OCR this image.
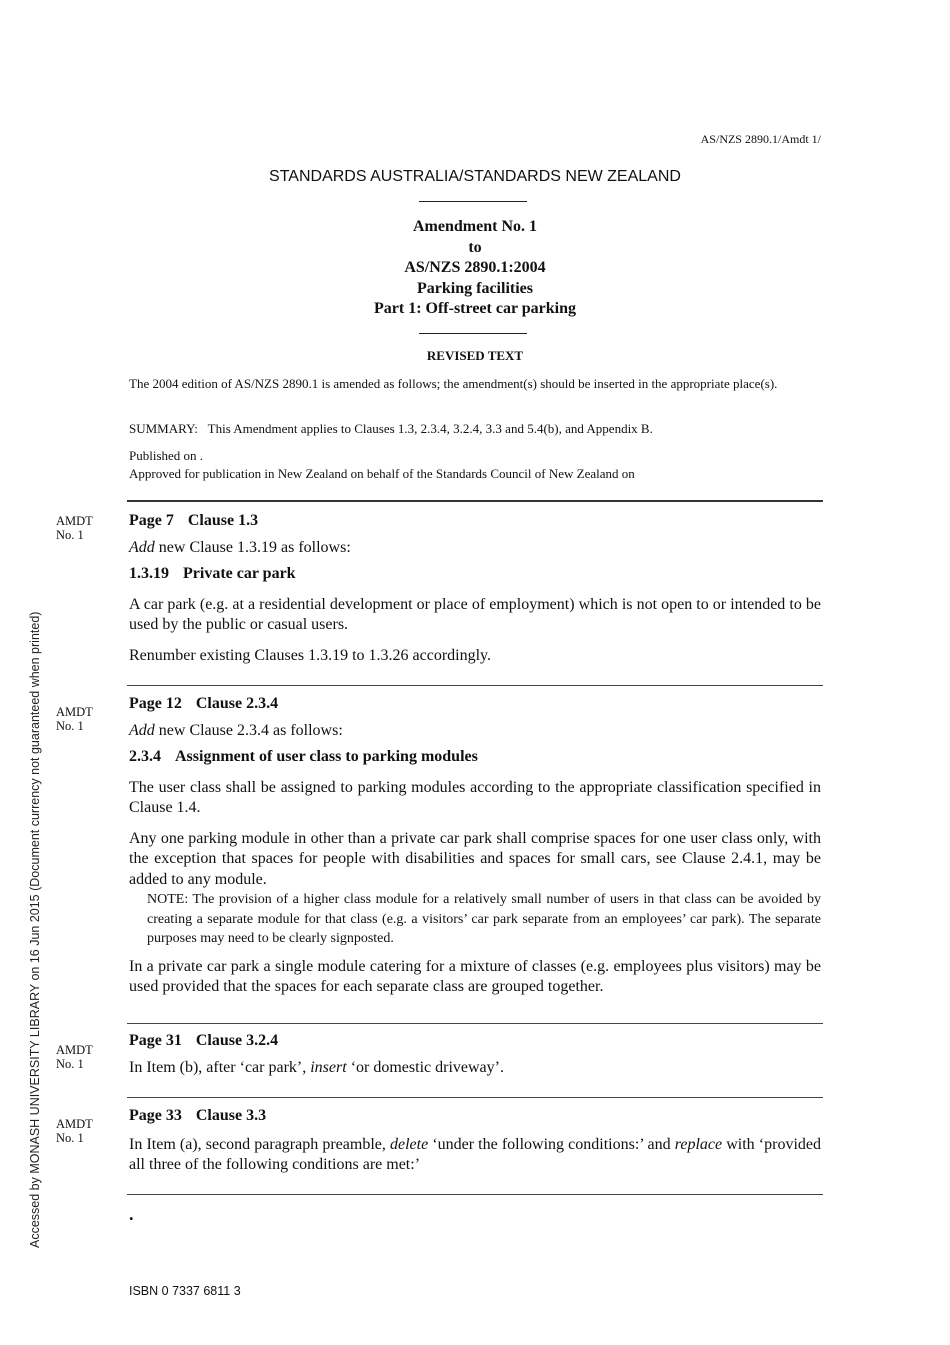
Accessed by MONASH UNIVERSITY LIBRARY on 16 Jun 2015 (Document currency not guaranteed when printed)
AS/NZS 2890.1/Amdt 1/
STANDARDS AUSTRALIA/STANDARDS NEW ZEALAND
Amendment No. 1
to
AS/NZS 2890.1:2004
Parking facilities
Part 1: Off-street car parking
REVISED TEXT
The 2004 edition of AS/NZS 2890.1 is amended as follows; the amendment(s) should be inserted in the appropriate place(s).
SUMMARY: This Amendment applies to Clauses 1.3, 2.3.4, 3.2.4, 3.3 and 5.4(b), and Appendix B.
Published on .
Approved for publication in New Zealand on behalf of the Standards Council of New Zealand on
AMDT
No. 1
Page 7 Clause 1.3

Add new Clause 1.3.19 as follows:

1.3.19 Private car park

A car park (e.g. at a residential development or place of employment) which is not open to or intended to be used by the public or casual users.

Renumber existing Clauses 1.3.19 to 1.3.26 accordingly.

AMDT
No. 1
Page 12 Clause 2.3.4

Add new Clause 2.3.4 as follows:

2.3.4 Assignment of user class to parking modules

The user class shall be assigned to parking modules according to the appropriate classification specified in Clause 1.4.

Any one parking module in other than a private car park shall comprise spaces for one user class only, with the exception that spaces for people with disabilities and spaces for small cars, see Clause 2.4.1, may be added to any module.

NOTE: The provision of a higher class module for a relatively small number of users in that class can be avoided by creating a separate module for that class (e.g. a visitors’ car park separate from an employees’ car park). The separate purposes may need to be clearly signposted.

In a private car park a single module catering for a mixture of classes (e.g. employees plus visitors) may be used provided that the spaces for each separate class are grouped together.

AMDT
No. 1
Page 31 Clause 3.2.4

In Item (b), after ‘car park’, insert ‘or domestic driveway’.

AMDT
No. 1
Page 33 Clause 3.3

In Item (a), second paragraph preamble, delete ‘under the following conditions:’ and replace with ‘provided all three of the following conditions are met:’

.
ISBN 0 7337 6811 3
